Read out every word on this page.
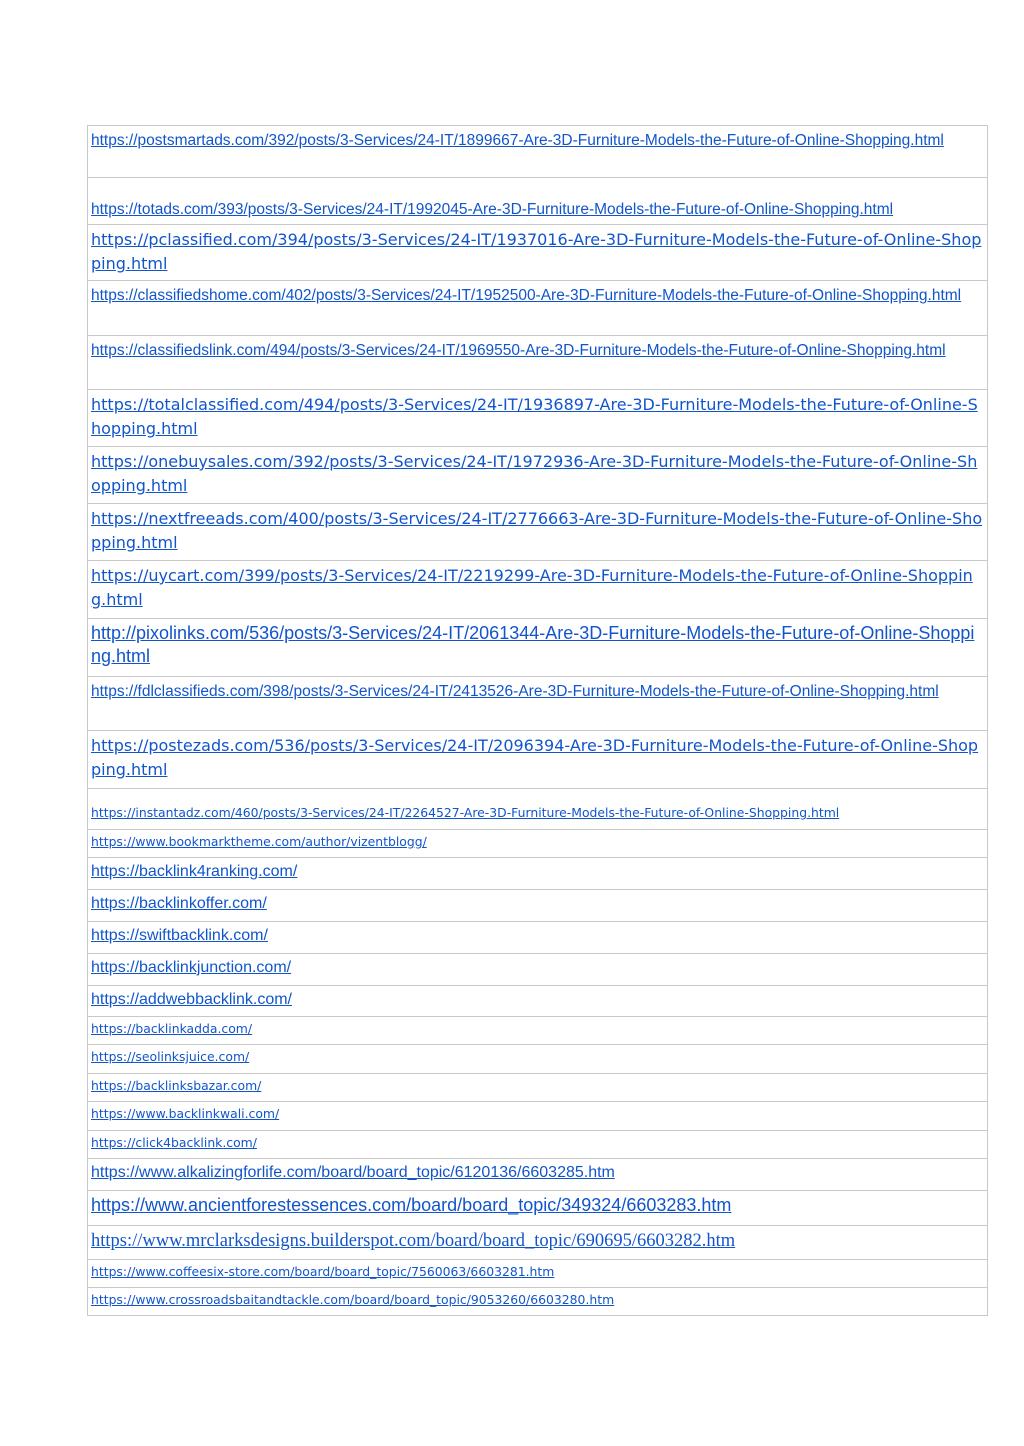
https://postsmartads.com/392/posts/3-Services/24-IT/1899667-Are-3D-Furniture-Models-the-Future-of-Online-Shopping.html
https://totads.com/393/posts/3-Services/24-IT/1992045-Are-3D-Furniture-Models-the-Future-of-Online-Shopping.html
https://pclassified.com/394/posts/3-Services/24-IT/1937016-Are-3D-Furniture-Models-the-Future-of-Online-Shopping.html
https://classifiedshome.com/402/posts/3-Services/24-IT/1952500-Are-3D-Furniture-Models-the-Future-of-Online-Shopping.html
https://classifiedslink.com/494/posts/3-Services/24-IT/1969550-Are-3D-Furniture-Models-the-Future-of-Online-Shopping.html
https://totalclassified.com/494/posts/3-Services/24-IT/1936897-Are-3D-Furniture-Models-the-Future-of-Online-Shopping.html
https://onebuysales.com/392/posts/3-Services/24-IT/1972936-Are-3D-Furniture-Models-the-Future-of-Online-Shopping.html
https://nextfreeads.com/400/posts/3-Services/24-IT/2776663-Are-3D-Furniture-Models-the-Future-of-Online-Shopping.html
https://uycart.com/399/posts/3-Services/24-IT/2219299-Are-3D-Furniture-Models-the-Future-of-Online-Shopping.html
http://pixolinks.com/536/posts/3-Services/24-IT/2061344-Are-3D-Furniture-Models-the-Future-of-Online-Shopping.html
https://fdlclassifieds.com/398/posts/3-Services/24-IT/2413526-Are-3D-Furniture-Models-the-Future-of-Online-Shopping.html
https://postezads.com/536/posts/3-Services/24-IT/2096394-Are-3D-Furniture-Models-the-Future-of-Online-Shopping.html
https://instantadz.com/460/posts/3-Services/24-IT/2264527-Are-3D-Furniture-Models-the-Future-of-Online-Shopping.html
https://www.bookmarktheme.com/author/vizentblogg/
https://backlink4ranking.com/
https://backlinkoffer.com/
https://swiftbacklink.com/
https://backlinkjunction.com/
https://addwebbacklink.com/
https://backlinkadda.com/
https://seolinksjuice.com/
https://backlinksbazar.com/
https://www.backlinkwali.com/
https://click4backlink.com/
https://www.alkalizingforlife.com/board/board_topic/6120136/6603285.htm
https://www.ancientforestessences.com/board/board_topic/349324/6603283.htm
https://www.mrclarksdesigns.builderspot.com/board/board_topic/690695/6603282.htm
https://www.coffeesix-store.com/board/board_topic/7560063/6603281.htm
https://www.crossroadsbaitandtackle.com/board/board_topic/9053260/6603280.htm
